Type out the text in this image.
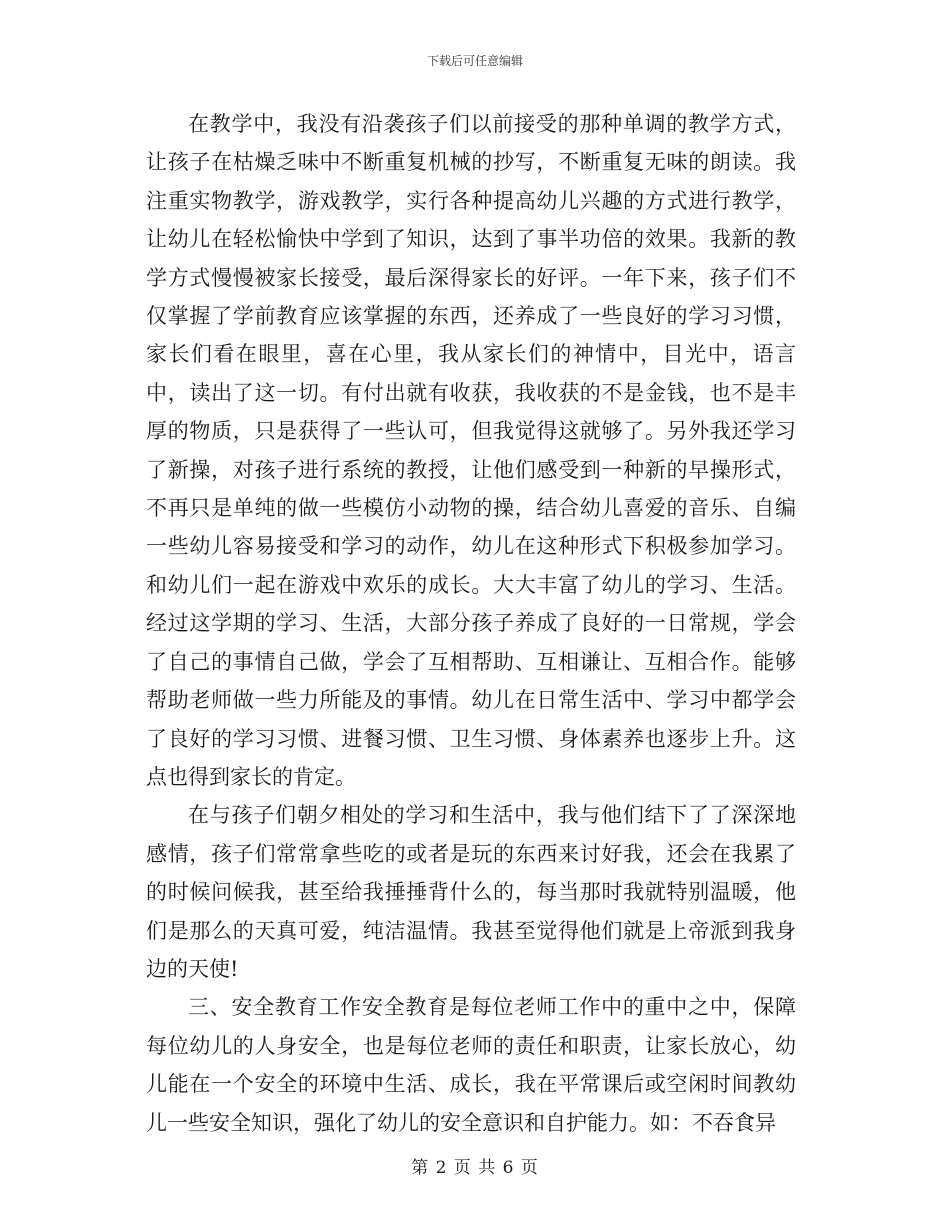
下载后可任意编辑

在教学中，我没有沿袭孩子们以前接受的那种单调的教学方式，让孩子在枯燥乏味中不断重复机械的抄写，不断重复无味的朗读。我注重实物教学，游戏教学，实行各种提高幼儿兴趣的方式进行教学，让幼儿在轻松愉快中学到了知识，达到了事半功倍的效果。我新的教学方式慢慢被家长接受，最后深得家长的好评。一年下来，孩子们不仅掌握了学前教育应该掌握的东西，还养成了一些良好的学习习惯，家长们看在眼里，喜在心里，我从家长们的神情中，目光中，语言中，读出了这一切。有付出就有收获，我收获的不是金钱，也不是丰厚的物质，只是获得了一些认可，但我觉得这就够了。另外我还学习了新操，对孩子进行系统的教授，让他们感受到一种新的早操形式，不再只是单纯的做一些模仿小动物的操，结合幼儿喜爱的音乐、自编一些幼儿容易接受和学习的动作，幼儿在这种形式下积极参加学习。和幼儿们一起在游戏中欢乐的成长。大大丰富了幼儿的学习、生活。经过这学期的学习、生活，大部分孩子养成了良好的一日常规，学会了自己的事情自己做，学会了互相帮助、互相谦让、互相合作。能够帮助老师做一些力所能及的事情。幼儿在日常生活中、学习中都学会了良好的学习习惯、进餐习惯、卫生习惯、身体素养也逐步上升。这点也得到家长的肯定。

在与孩子们朝夕相处的学习和生活中，我与他们结下了了深深地感情，孩子们常常拿些吃的或者是玩的东西来讨好我，还会在我累了的时候问候我，甚至给我捶捶背什么的，每当那时我就特别温暖，他们是那么的天真可爱，纯洁温情。我甚至觉得他们就是上帝派到我身边的天使!

三、安全教育工作安全教育是每位老师工作中的重中之中，保障每位幼儿的人身安全，也是每位老师的责任和职责，让家长放心，幼儿能在一个安全的环境中生活、成长，我在平常课后或空闲时间教幼儿一些安全知识，强化了幼儿的安全意识和自护能力。如：不吞食异

第 2 页 共 6 页
